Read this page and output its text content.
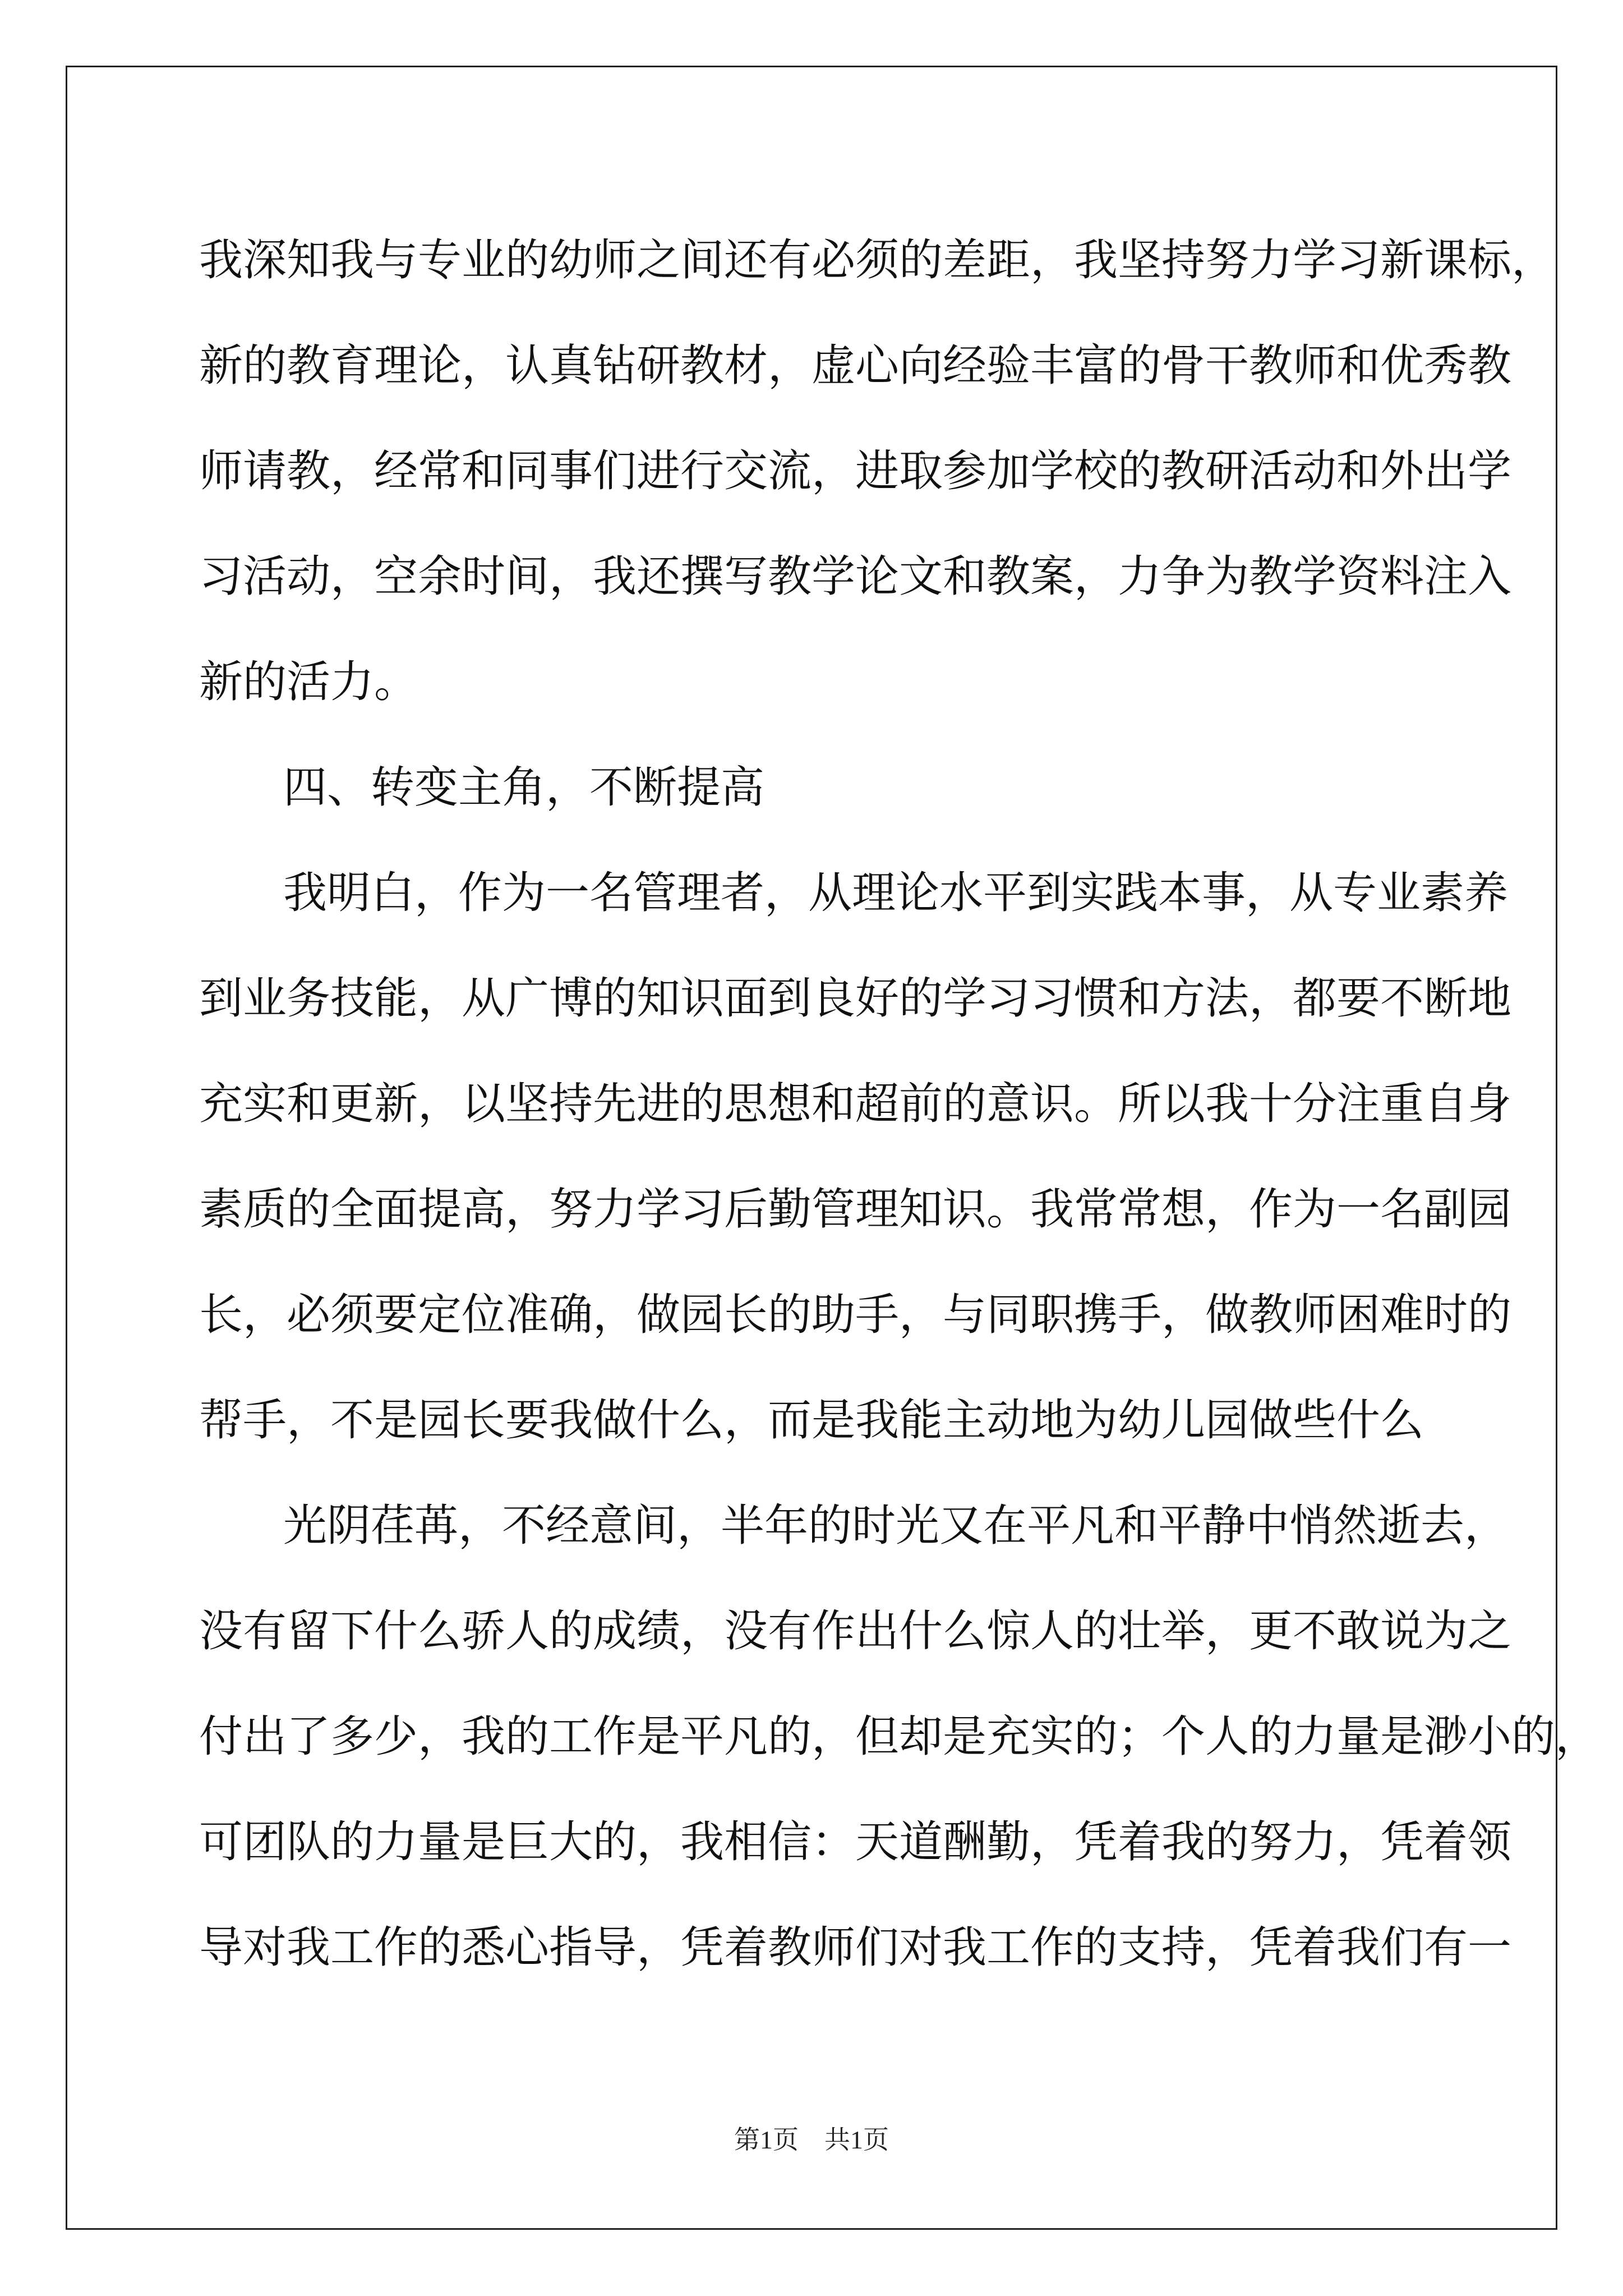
我深知我与专业的幼师之间还有必须的差距，我坚持努力学习新课标，
新的教育理论，认真钻研教材，虚心向经验丰富的骨干教师和优秀教
师请教，经常和同事们进行交流，进取参加学校的教研活动和外出学
习活动，空余时间，我还撰写教学论文和教案，力争为教学资料注入
新的活力。
四、转变主角，不断提高
我明白，作为一名管理者，从理论水平到实践本事，从专业素养
到业务技能，从广博的知识面到良好的学习习惯和方法，都要不断地
充实和更新，以坚持先进的思想和超前的意识。所以我十分注重自身
素质的全面提高，努力学习后勤管理知识。我常常想，作为一名副园
长，必须要定位准确，做园长的助手，与同职携手，做教师困难时的
帮手，不是园长要我做什么，而是我能主动地为幼儿园做些什么
光阴荏苒，不经意间，半年的时光又在平凡和平静中悄然逝去，
没有留下什么骄人的成绩，没有作出什么惊人的壮举，更不敢说为之
付出了多少，我的工作是平凡的，但却是充实的；个人的力量是渺小的，
可团队的力量是巨大的，我相信：天道酬勤，凭着我的努力，凭着领
导对我工作的悉心指导，凭着教师们对我工作的支持，凭着我们有一
第1页　共1页
